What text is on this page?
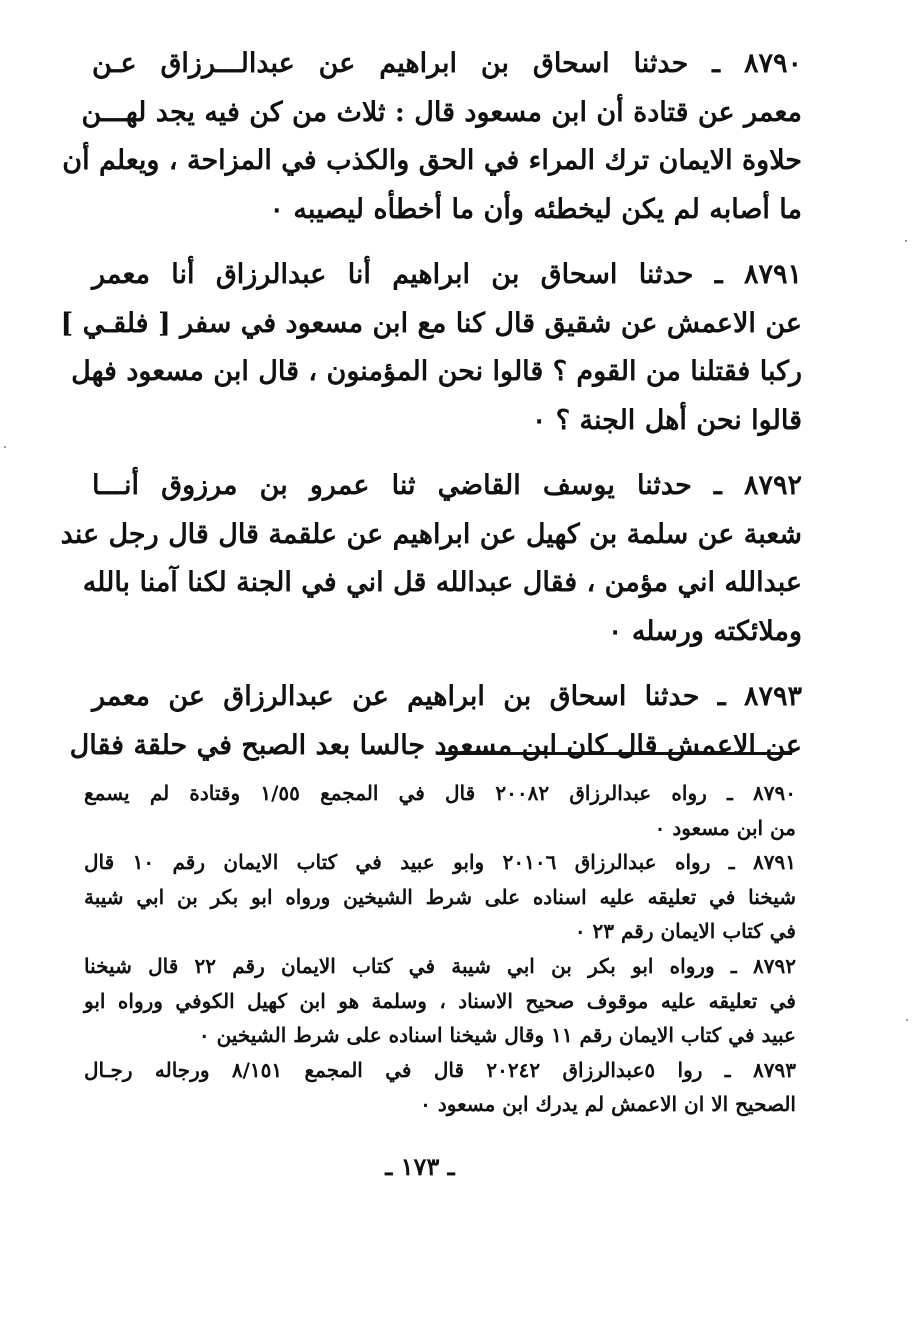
٨٧٩٠ ـ حدثنا اسحاق بن ابراهيم عن عبدالـــرزاق عـن
معمر عن قتادة أن ابن مسعود قال : ثلاث من كن فيه يجد لهـــن
حلاوة الايمان ترك المراء في الحق والكذب في المزاحة ، ويعلم أن
ما أصابه لم يكن ليخطئه وأن ما أخطأه ليصيبه ٠
٨٧٩١ ـ حدثنا اسحاق بن ابراهيم أنا عبدالرزاق أنا معمر
عن الاعمش عن شقيق قال كنا مع ابن مسعود في سفر [ فلقـي ]
ركبا فقتلنا من القوم ؟ قالوا نحن المؤمنون ، قال ابن مسعود فهل
قالوا نحن أهل الجنة ؟ ٠
٨٧٩٢ ـ حدثنا يوسف القاضي ثنا عمرو بن مرزوق أنـــا
شعبة عن سلمة بن كهيل عن ابراهيم عن علقمة قال قال رجل عند
عبدالله اني مؤمن ، فقال عبدالله قل اني في الجنة لكنا آمنا بالله
وملائكته ورسله ٠
٨٧٩٣ ـ حدثنا اسحاق بن ابراهيم عن عبدالرزاق عن معمر
عن الاعمش قال كان ابن مسعود جالسا بعد الصبح في حلقة فقال
٨٧٩٠ ـ رواه عبدالرزاق ٢٠٠٨٢ قال في المجمع ١/٥٥ وقتادة لم يسمع
من ابن مسعود ٠
٨٧٩١ ـ رواه عبدالرزاق ٢٠١٠٦ وابو عبيد في كتاب الايمان رقم ١٠ قال
شيخنا في تعليقه عليه اسناده على شرط الشيخين ورواه ابو بكر بن ابي شيبة
في كتاب الايمان رقم ٢٣ ٠
٨٧٩٢ ـ ورواه ابو بكر بن ابي شيبة في كتاب الايمان رقم ٢٢ قال شيخنا
في تعليقه عليه موقوف صحيح الاسناد ، وسلمة هو ابن كهيل الكوفي ورواه ابو
عبيد في كتاب الايمان رقم ١١ وقال شيخنا اسناده على شرط الشيخين ٠
٨٧٩٣ ـ روا ٥عبدالرزاق ٢٠٢٤٢ قال في المجمع ٨/١٥١ ورجاله رجـال
الصحيح الا ان الاعمش لم يدرك ابن مسعود ٠
ـ ١٧٣ ـ
